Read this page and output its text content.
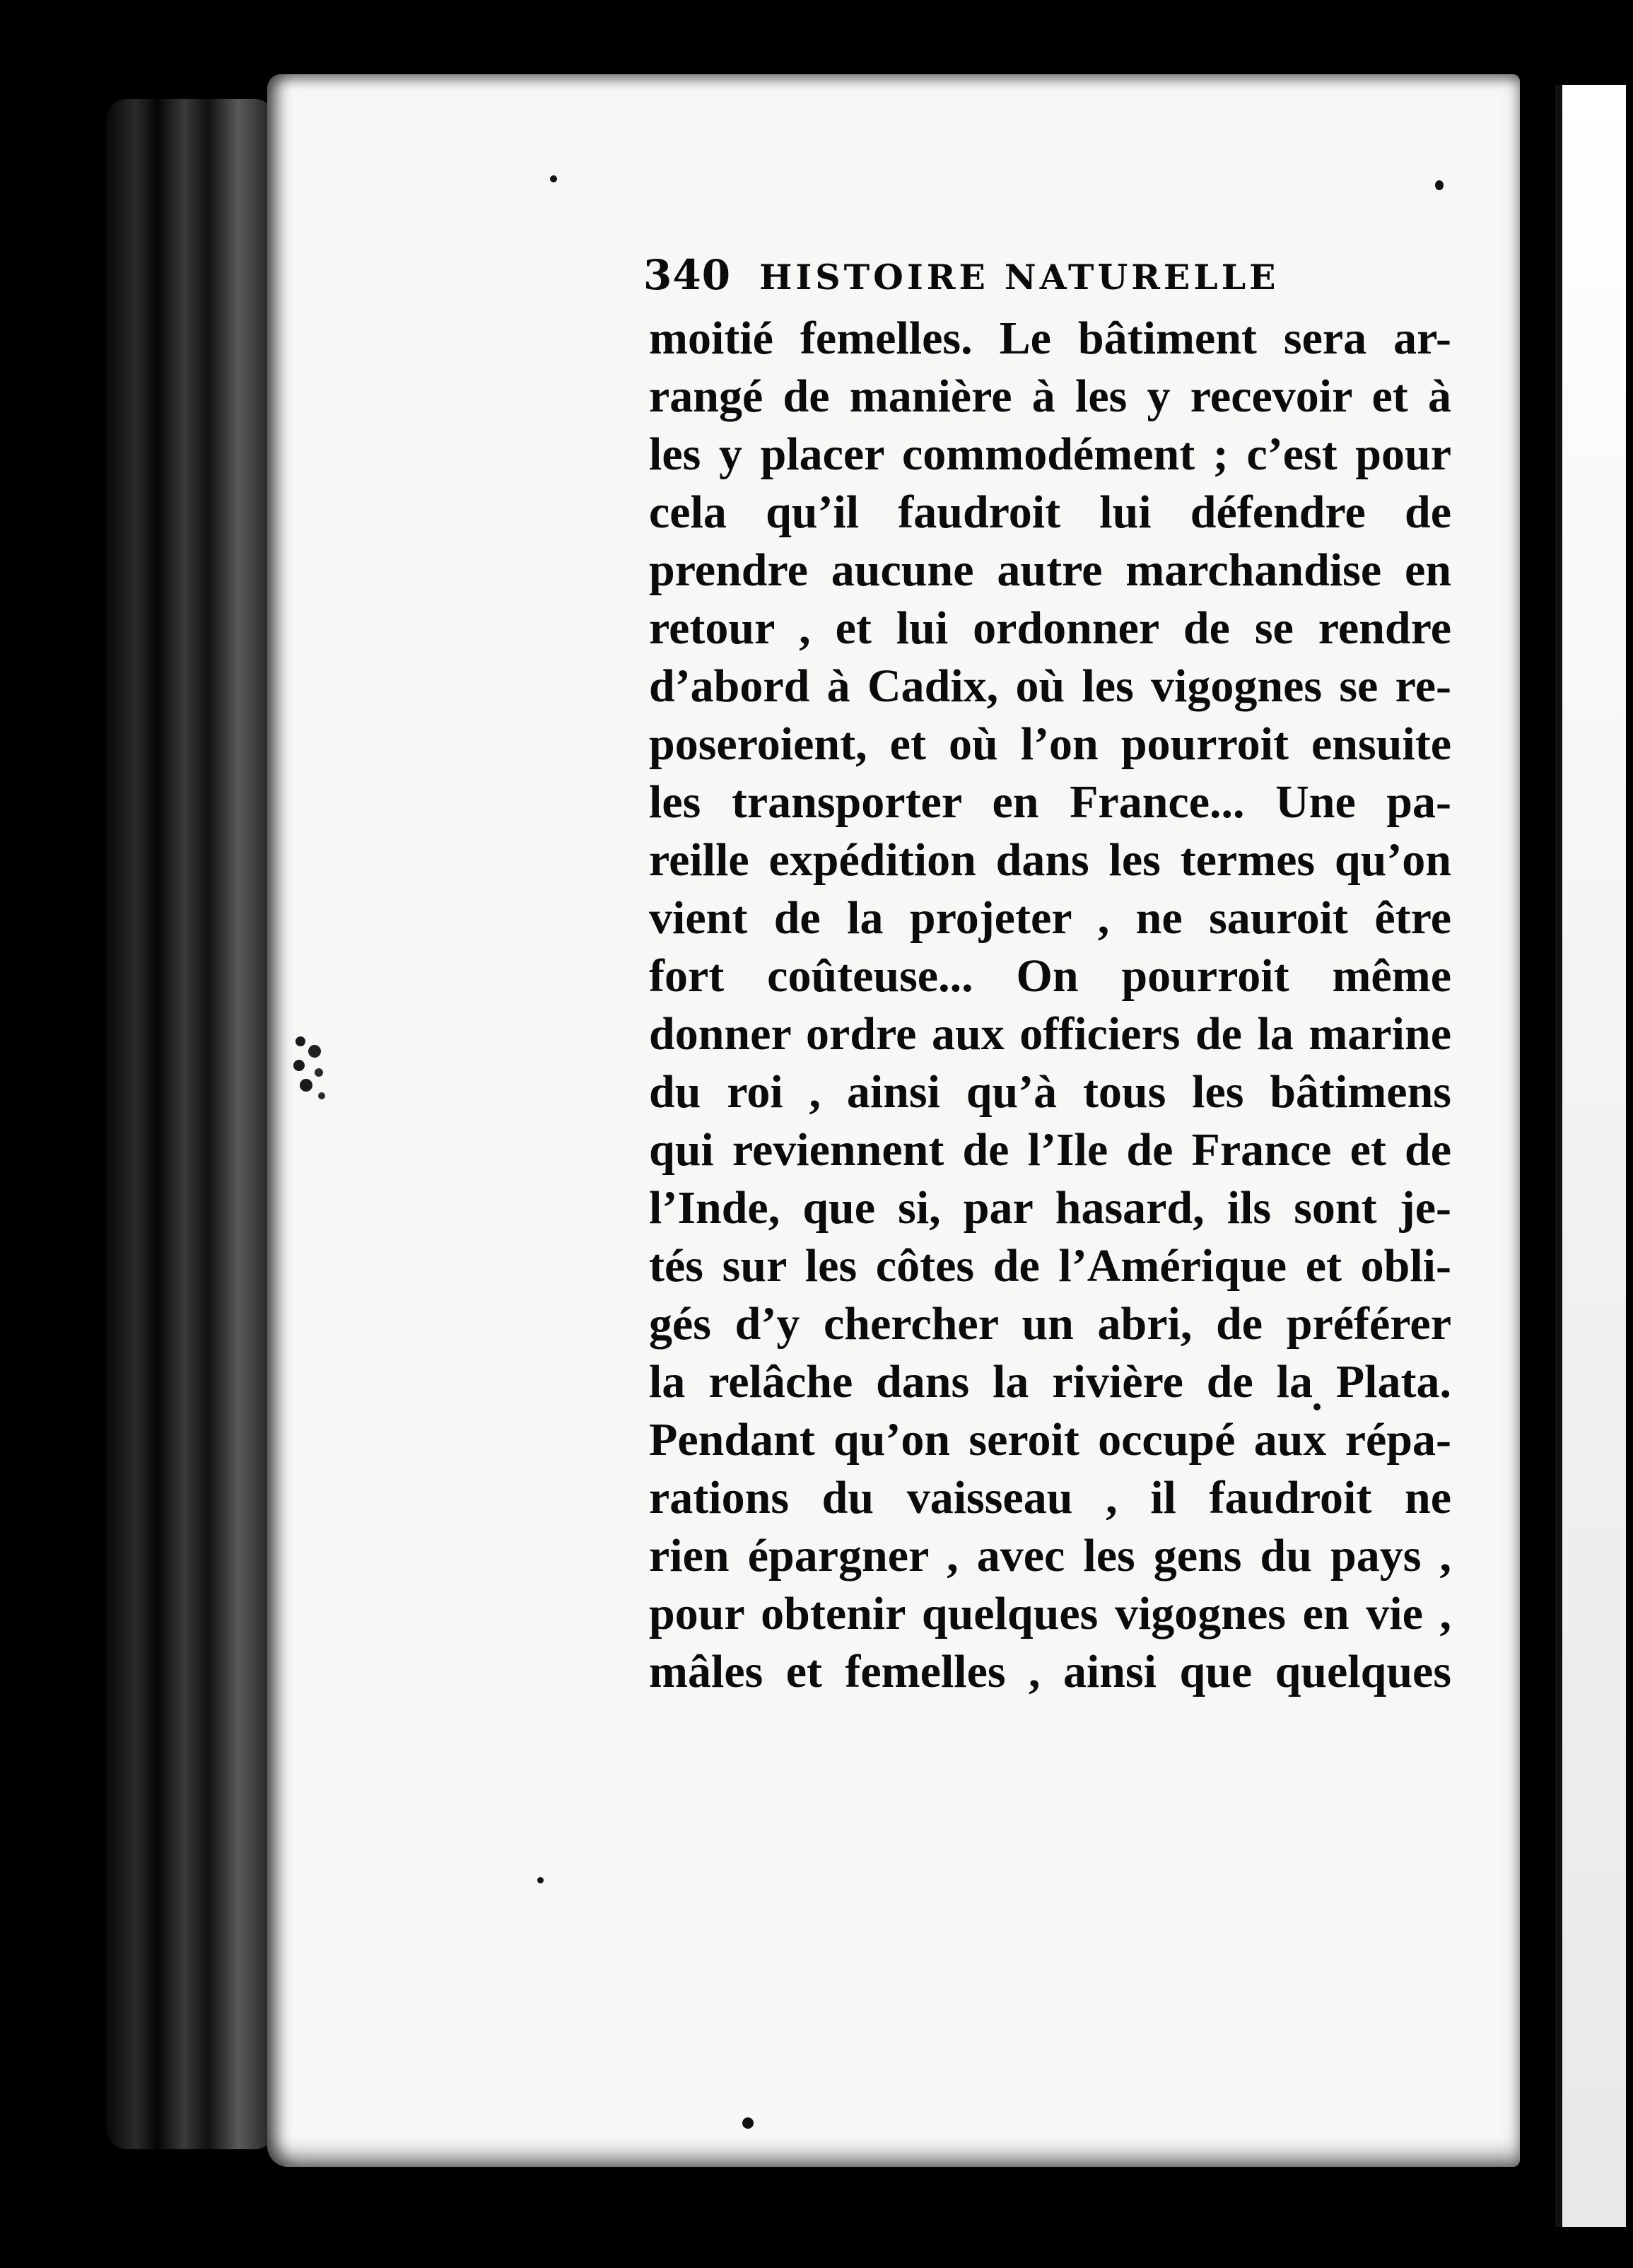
340 HISTOIRE NATURELLE
moitié femelles. Le bâtiment sera ar-
rangé de manière à les y recevoir et à
les y placer commodément ; c’est pour
cela qu’il faudroit lui défendre de
prendre aucune autre marchandise en
retour , et lui ordonner de se rendre
d’abord à Cadix, où les vigognes se re-
poseroient, et où l’on pourroit ensuite
les transporter en France... Une pa-
reille expédition dans les termes qu’on
vient de la projeter , ne sauroit être
fort coûteuse... On pourroit même
donner ordre aux officiers de la marine
du roi , ainsi qu’à tous les bâtimens
qui reviennent de l’Ile de France et de
l’Inde, que si, par hasard, ils sont je-
tés sur les côtes de l’Amérique et obli-
gés d’y chercher un abri, de préférer
la relâche dans la rivière de la Plata.
Pendant qu’on seroit occupé aux répa-
rations du vaisseau , il faudroit ne
rien épargner , avec les gens du pays ,
pour obtenir quelques vigognes en vie ,
mâles et femelles , ainsi que quelques
